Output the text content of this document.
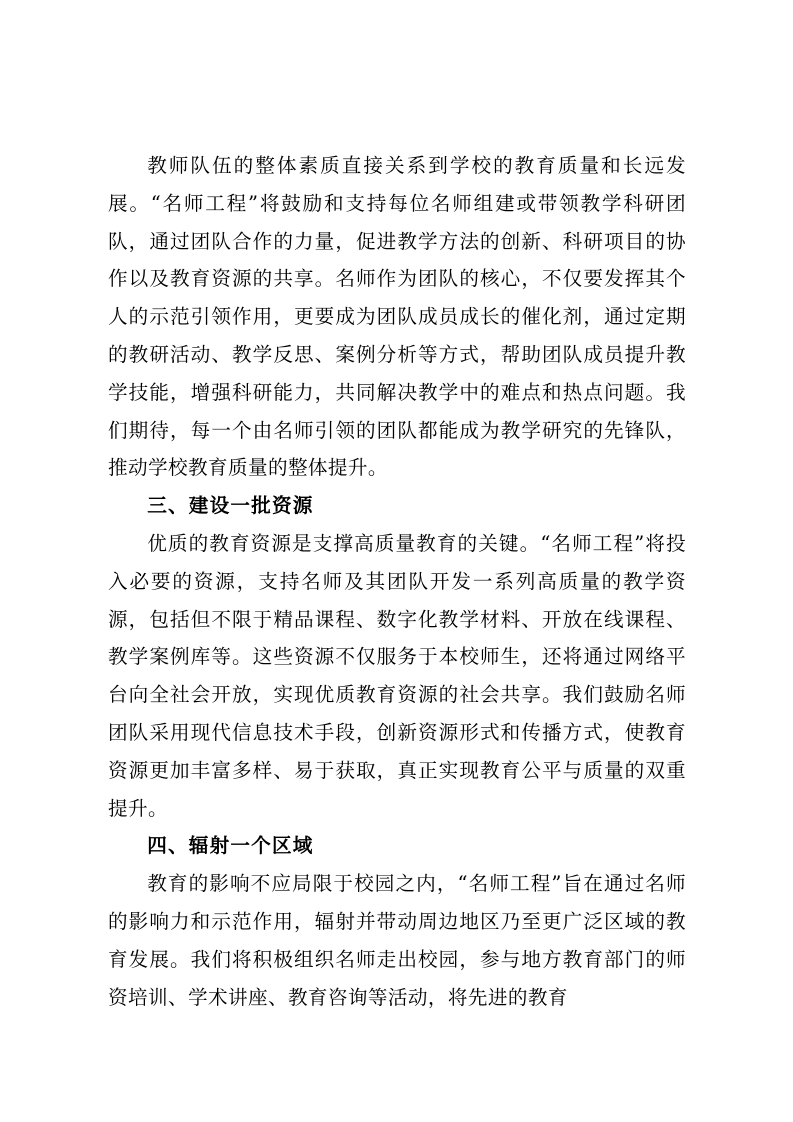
教师队伍的整体素质直接关系到学校的教育质量和长远发展。“名师工程”将鼓励和支持每位名师组建或带领教学科研团队，通过团队合作的力量，促进教学方法的创新、科研项目的协作以及教育资源的共享。名师作为团队的核心，不仅要发挥其个人的示范引领作用，更要成为团队成员成长的催化剂，通过定期的教研活动、教学反思、案例分析等方式，帮助团队成员提升教学技能，增强科研能力，共同解决教学中的难点和热点问题。我们期待，每一个由名师引领的团队都能成为教学研究的先锋队，推动学校教育质量的整体提升。

三、建设一批资源

优质的教育资源是支撑高质量教育的关键。“名师工程”将投入必要的资源，支持名师及其团队开发一系列高质量的教学资源，包括但不限于精品课程、数字化教学材料、开放在线课程、教学案例库等。这些资源不仅服务于本校师生，还将通过网络平台向全社会开放，实现优质教育资源的社会共享。我们鼓励名师团队采用现代信息技术手段，创新资源形式和传播方式，使教育资源更加丰富多样、易于获取，真正实现教育公平与质量的双重提升。

四、辐射一个区域

教育的影响不应局限于校园之内，“名师工程”旨在通过名师的影响力和示范作用，辐射并带动周边地区乃至更广泛区域的教育发展。我们将积极组织名师走出校园，参与地方教育部门的师资培训、学术讲座、教育咨询等活动，将先进的教育
